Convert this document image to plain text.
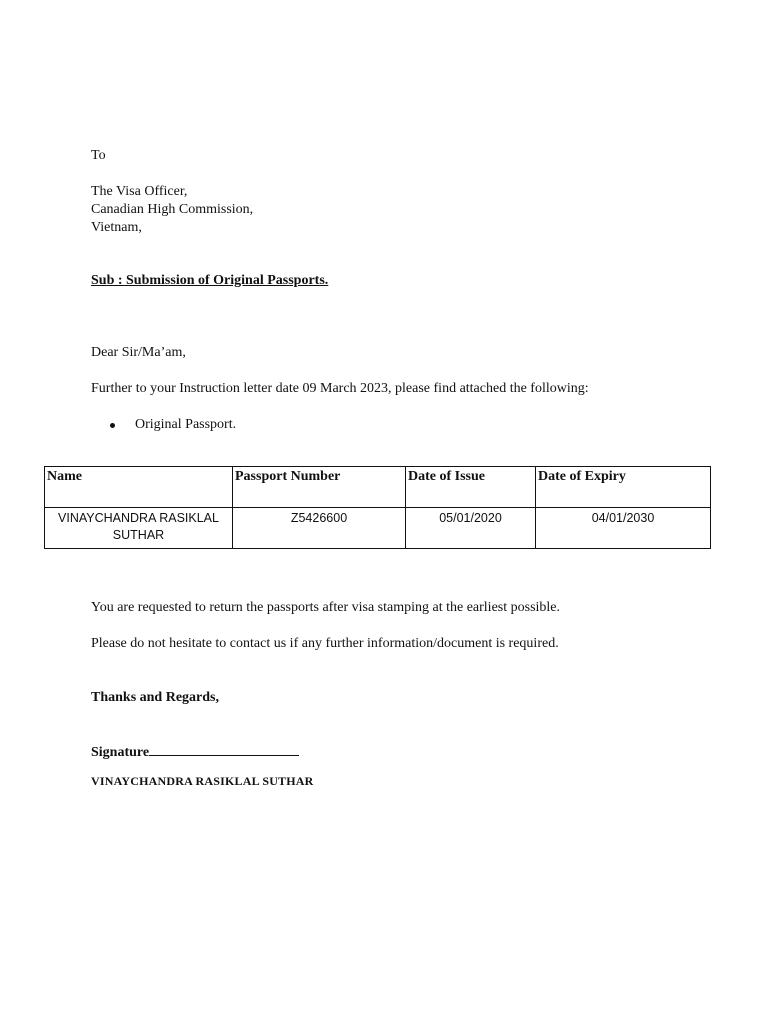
To
The Visa Officer,
Canadian High Commission,
Vietnam,
Sub : Submission of Original Passports.
Dear Sir/Ma’am,
Further to your Instruction letter date 09 March 2023, please find attached the following:
Original Passport.
Name	Passport Number	Date of Issue	Date of Expiry

VINAYCHANDRA RASIKLAL
SUTHAR	Z5426600	05/01/2020	04/01/2030
You are requested to return the passports after visa stamping at the earliest possible.
Please do not hesitate to contact us if any further information/document is required.
Thanks and Regards,
Signature
VINAYCHANDRA RASIKLAL SUTHAR
